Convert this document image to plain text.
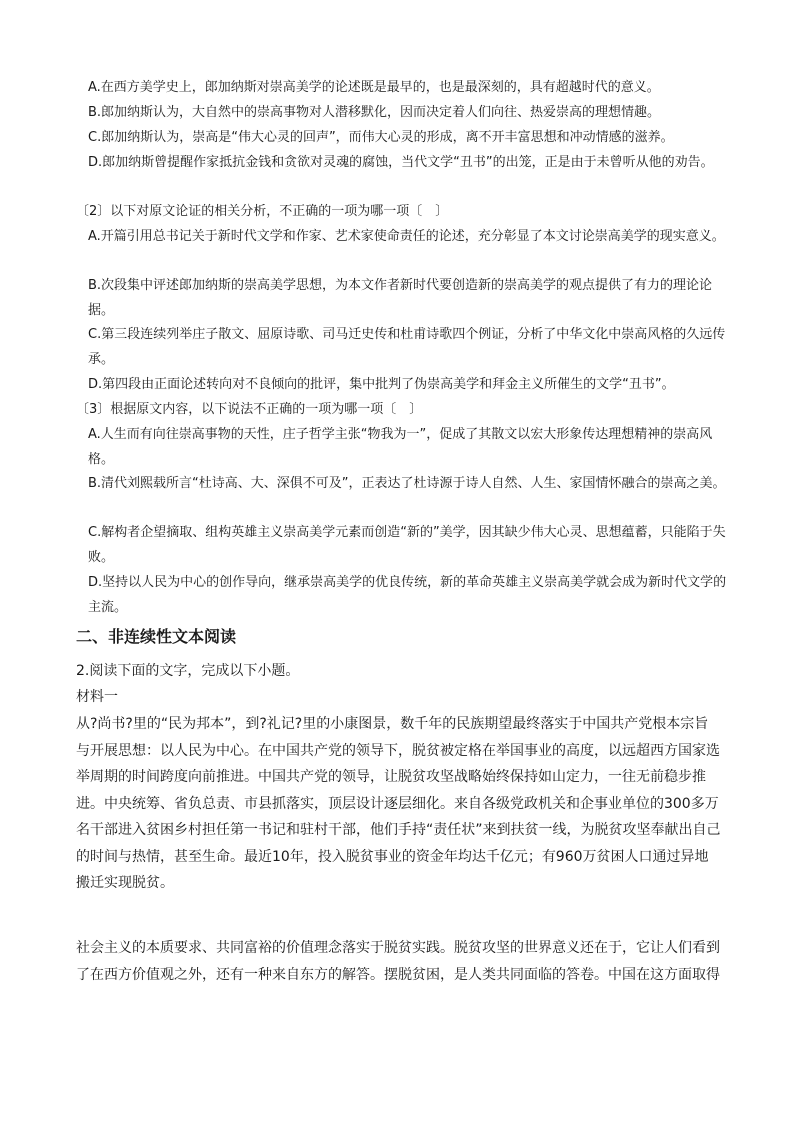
A.在西方美学史上，郎加纳斯对崇高美学的论述既是最早的，也是最深刻的，具有超越时代的意义。
B.郎加纳斯认为，大自然中的崇高事物对人潜移默化，因而决定着人们向往、热爱崇高的理想情趣。
C.郎加纳斯认为，崇高是“伟大心灵的回声”，而伟大心灵的形成，离不开丰富思想和冲动情感的滋养。
D.郎加纳斯曾提醒作家抵抗金钱和贪欲对灵魂的腐蚀，当代文学“丑书”的出笼，正是由于未曾听从他的劝告。
〔2〕以下对原文论证的相关分析，不正确的一项为哪一项〔　〕
A.开篇引用总书记关于新时代文学和作家、艺术家使命责任的论述，充分彰显了本文讨论崇高美学的现实意义。
B.次段集中评述郎加纳斯的崇高美学思想，为本文作者新时代要创造新的崇高美学的观点提供了有力的理论论据。
C.第三段连续列举庄子散文、屈原诗歌、司马迁史传和杜甫诗歌四个例证，分析了中华文化中崇高风格的久远传承。
D.第四段由正面论述转向对不良倾向的批评，集中批判了伪崇高美学和拜金主义所催生的文学“丑书”。
〔3〕根据原文内容，以下说法不正确的一项为哪一项〔　〕
A.人生而有向往崇高事物的天性，庄子哲学主张“物我为一”，促成了其散文以宏大形象传达理想精神的崇高风格。
B.清代刘熙载所言“杜诗高、大、深俱不可及”，正表达了杜诗源于诗人自然、人生、家国情怀融合的崇高之美。
C.解构者企望摘取、组构英雄主义崇高美学元素而创造“新的”美学，因其缺少伟大心灵、思想蕴蓄，只能陷于失败。
D.坚持以人民为中心的创作导向，继承崇高美学的优良传统，新的革命英雄主义崇高美学就会成为新时代文学的主流。
二、非连续性文本阅读
2.阅读下面的文字，完成以下小题。
材料一
从?尚书?里的“民为邦本”，到?礼记?里的小康图景，数千年的民族期望最终落实于中国共产党根本宗旨与开展思想：以人民为中心。在中国共产党的领导下，脱贫被定格在举国事业的高度，以远超西方国家选举周期的时间跨度向前推进。中国共产党的领导，让脱贫攻坚战略始终保持如山定力，一往无前稳步推进。中央统筹、省负总责、市县抓落实，顶层设计逐层细化。来自各级党政机关和企事业单位的300多万名干部进入贫困乡村担任第一书记和驻村干部，他们手持“责任状”来到扶贫一线，为脱贫攻坚奉献出自己的时间与热情，甚至生命。最近10年，投入脱贫事业的资金年均达千亿元；有960万贫困人口通过异地搬迁实现脱贫。
社会主义的本质要求、共同富裕的价值理念落实于脱贫实践。脱贫攻坚的世界意义还在于，它让人们看到了在西方价值观之外，还有一种来自东方的解答。摆脱贫困，是人类共同面临的答卷。中国在这方面取得
